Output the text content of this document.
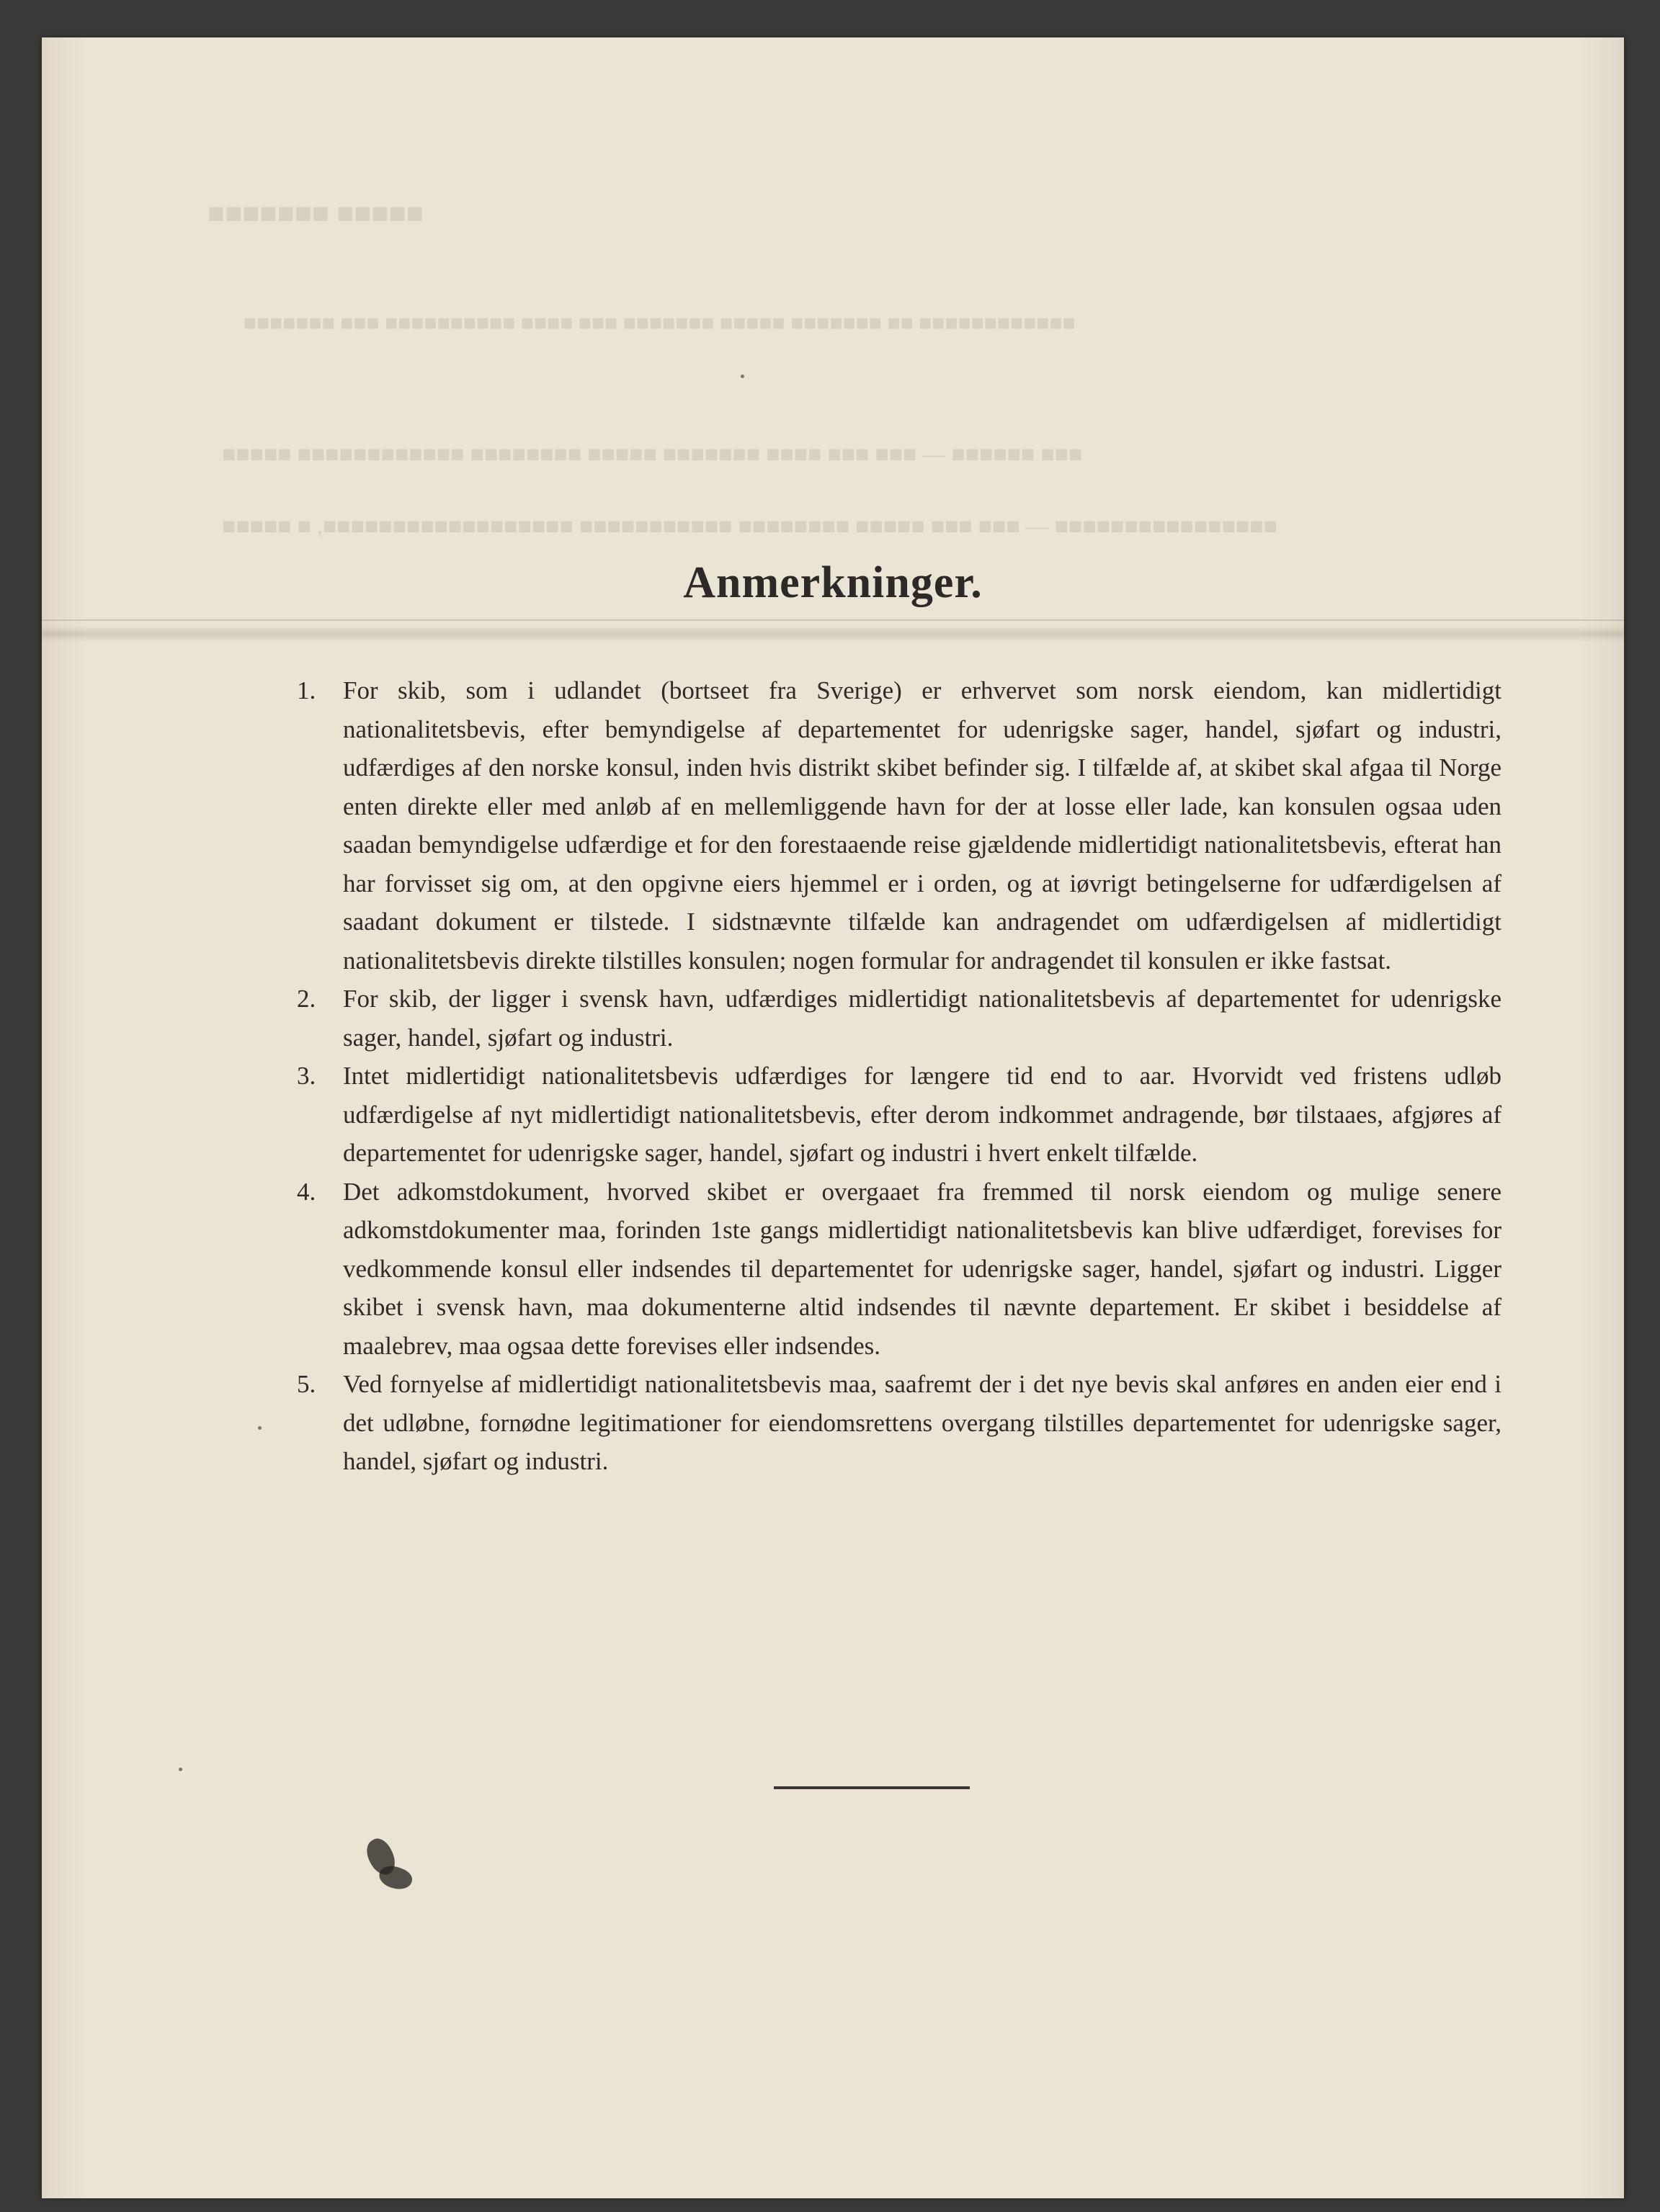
■■■■■ ■■■■■■■
■■■■■■■■■■■■ ■■ ■■■■■■■ ■■■■■ ■■■■■■■ ■■■ ■■■■ ■■■■■■■■■■ ■■■ ■■■■■■■
■■■ ■■■■■■ — ■■■ ■■■ ■■■■ ■■■■■■■ ■■■■■ ■■■■■■■■ ■■■■■■■■■■■■ ■■■■■
■■■■■■■■■■■■■■■■ — ■■■ ■■■ ■■■■■ ■■■■■■■■ ■■■■■■■■■■■ ■■■■■■■■■■■■■■■■■■, ■ ■■■■■
Anmerkninger.
1. For skib, som i udlandet (bortseet fra Sverige) er erhvervet som norsk eiendom, kan midlertidigt nationalitetsbevis, efter bemyndigelse af departementet for udenrigske sager, handel, sjøfart og industri, udfærdiges af den norske konsul, inden hvis distrikt skibet befinder sig. I tilfælde af, at skibet skal afgaa til Norge enten direkte eller med anløb af en mellemliggende havn for der at losse eller lade, kan konsulen ogsaa uden saadan bemyndigelse udfærdige et for den forestaaende reise gjældende midlertidigt nationalitetsbevis, efterat han har forvisset sig om, at den opgivne eiers hjemmel er i orden, og at iøvrigt betingelserne for udfærdigelsen af saadant dokument er tilstede. I sidstnævnte tilfælde kan andragendet om udfærdigelsen af midlertidigt nationalitetsbevis direkte tilstilles konsulen; nogen formular for andragendet til konsulen er ikke fastsat.
2. For skib, der ligger i svensk havn, udfærdiges midlertidigt nationalitetsbevis af departementet for udenrigske sager, handel, sjøfart og industri.
3. Intet midlertidigt nationalitetsbevis udfærdiges for længere tid end to aar. Hvorvidt ved fristens udløb udfærdigelse af nyt midlertidigt nationalitetsbevis, efter derom indkommet andragende, bør tilstaaes, afgjøres af departementet for udenrigske sager, handel, sjøfart og industri i hvert enkelt tilfælde.
4. Det adkomstdokument, hvorved skibet er overgaaet fra fremmed til norsk eiendom og mulige senere adkomstdokumenter maa, forinden 1ste gangs midlertidigt nationalitetsbevis kan blive udfærdiget, forevises for vedkommende konsul eller indsendes til departementet for udenrigske sager, handel, sjøfart og industri. Ligger skibet i svensk havn, maa dokumenterne altid indsendes til nævnte departement. Er skibet i besiddelse af maalebrev, maa ogsaa dette forevises eller indsendes.
5. Ved fornyelse af midlertidigt nationalitetsbevis maa, saafremt der i det nye bevis skal anføres en anden eier end i det udløbne, fornødne legitimationer for eiendomsrettens overgang tilstilles departementet for udenrigske sager, handel, sjøfart og industri.
